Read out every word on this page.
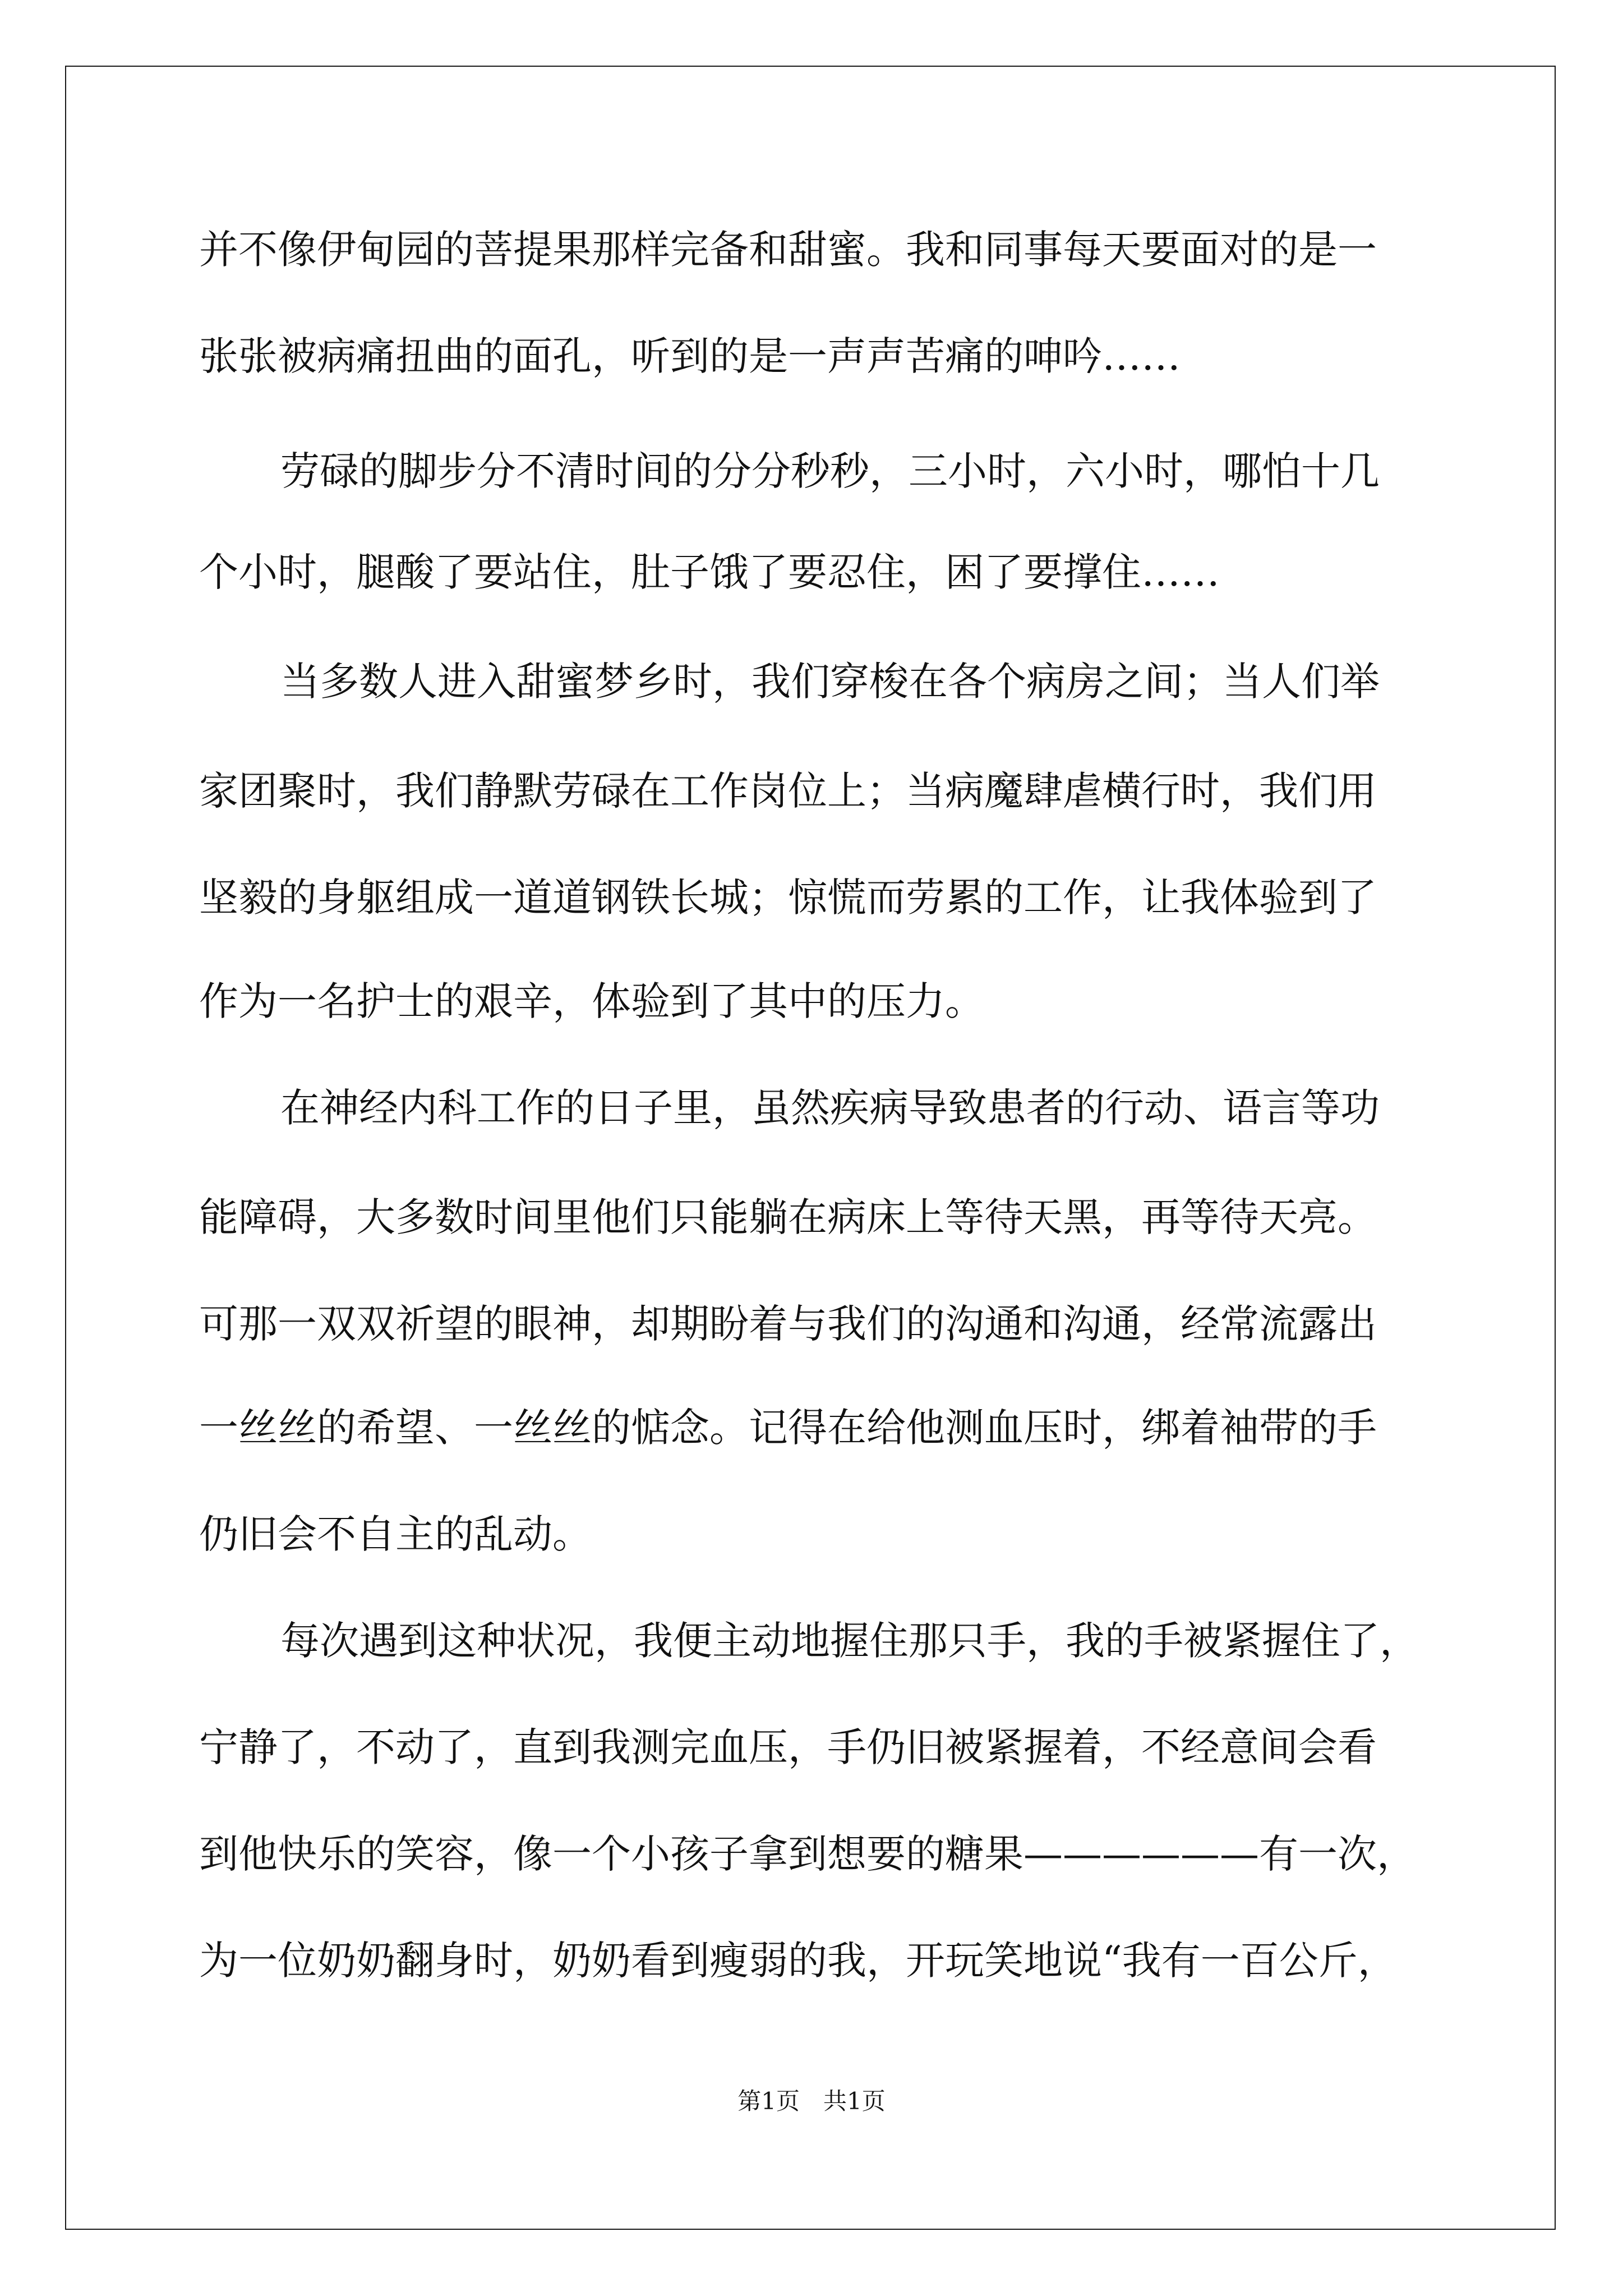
并不像伊甸园的菩提果那样完备和甜蜜。我和同事每天要面对的是一

张张被病痛扭曲的面孔，听到的是一声声苦痛的呻吟……

劳碌的脚步分不清时间的分分秒秒，三小时，六小时，哪怕十几

个小时，腿酸了要站住，肚子饿了要忍住，困了要撑住……

当多数人进入甜蜜梦乡时，我们穿梭在各个病房之间；当人们举

家团聚时，我们静默劳碌在工作岗位上；当病魔肆虐横行时，我们用

坚毅的身躯组成一道道钢铁长城；惊慌而劳累的工作，让我体验到了

作为一名护士的艰辛，体验到了其中的压力。

在神经内科工作的日子里，虽然疾病导致患者的行动、语言等功

能障碍，大多数时间里他们只能躺在病床上等待天黑，再等待天亮。

可那一双双祈望的眼神，却期盼着与我们的沟通和沟通，经常流露出

一丝丝的希望、一丝丝的惦念。记得在给他测血压时，绑着袖带的手

仍旧会不自主的乱动。

每次遇到这种状况，我便主动地握住那只手，我的手被紧握住了，

宁静了，不动了，直到我测完血压，手仍旧被紧握着，不经意间会看

到他快乐的笑容，像一个小孩子拿到想要的糖果——————有一次，

为一位奶奶翻身时，奶奶看到瘦弱的我，开玩笑地说“我有一百公斤，

第1页　共1页
